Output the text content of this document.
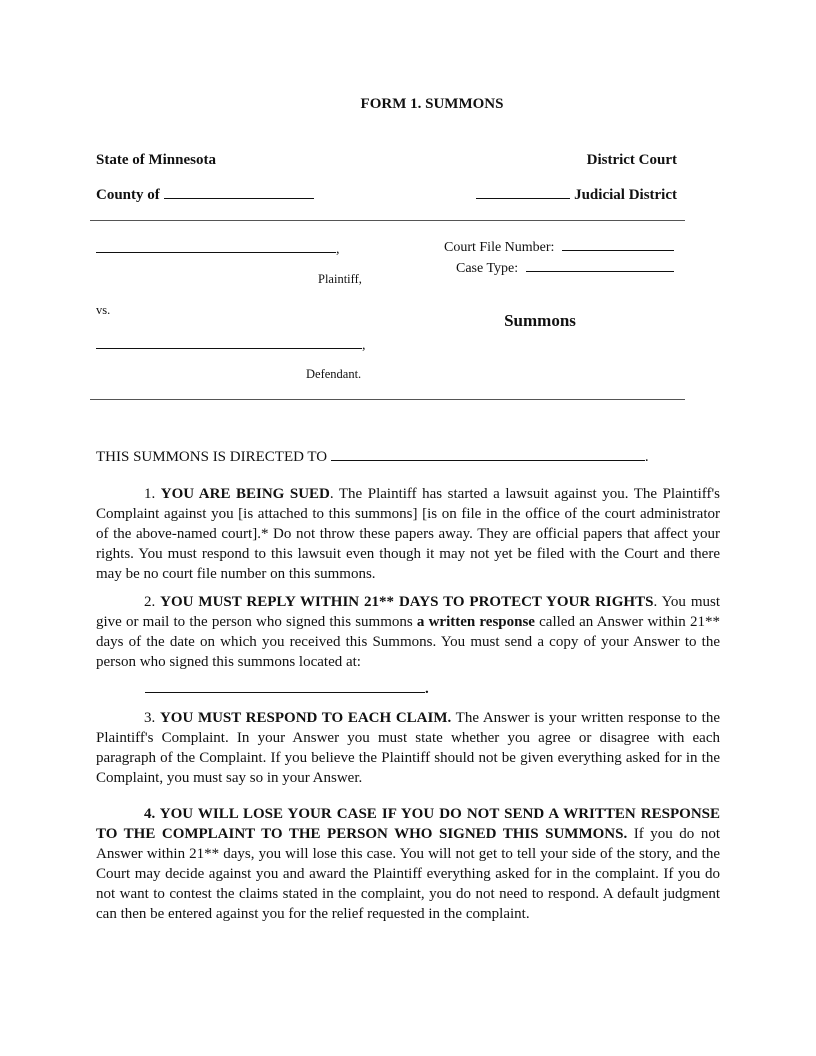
FORM 1. SUMMONS
State of Minnesota	District Court
County of	Judicial District
,
Plaintiff,
Court File Number:
Case Type:
vs.
Summons
,
Defendant.
THIS SUMMONS IS DIRECTED TO	.
1. YOU ARE BEING SUED. The Plaintiff has started a lawsuit against you. The Plaintiff's Complaint against you [is attached to this summons] [is on file in the office of the court administrator of the above-named court].* Do not throw these papers away. They are official papers that affect your rights. You must respond to this lawsuit even though it may not yet be filed with the Court and there may be no court file number on this summons.
2. YOU MUST REPLY WITHIN 21** DAYS TO PROTECT YOUR RIGHTS. You must give or mail to the person who signed this summons a written response called an Answer within 21** days of the date on which you received this Summons. You must send a copy of your Answer to the person who signed this summons located at:
.
3. YOU MUST RESPOND TO EACH CLAIM. The Answer is your written response to the Plaintiff's Complaint. In your Answer you must state whether you agree or disagree with each paragraph of the Complaint. If you believe the Plaintiff should not be given everything asked for in the Complaint, you must say so in your Answer.
4. YOU WILL LOSE YOUR CASE IF YOU DO NOT SEND A WRITTEN RESPONSE TO THE COMPLAINT TO THE PERSON WHO SIGNED THIS SUMMONS. If you do not Answer within 21** days, you will lose this case. You will not get to tell your side of the story, and the Court may decide against you and award the Plaintiff everything asked for in the complaint. If you do not want to contest the claims stated in the complaint, you do not need to respond. A default judgment can then be entered against you for the relief requested in the complaint.
